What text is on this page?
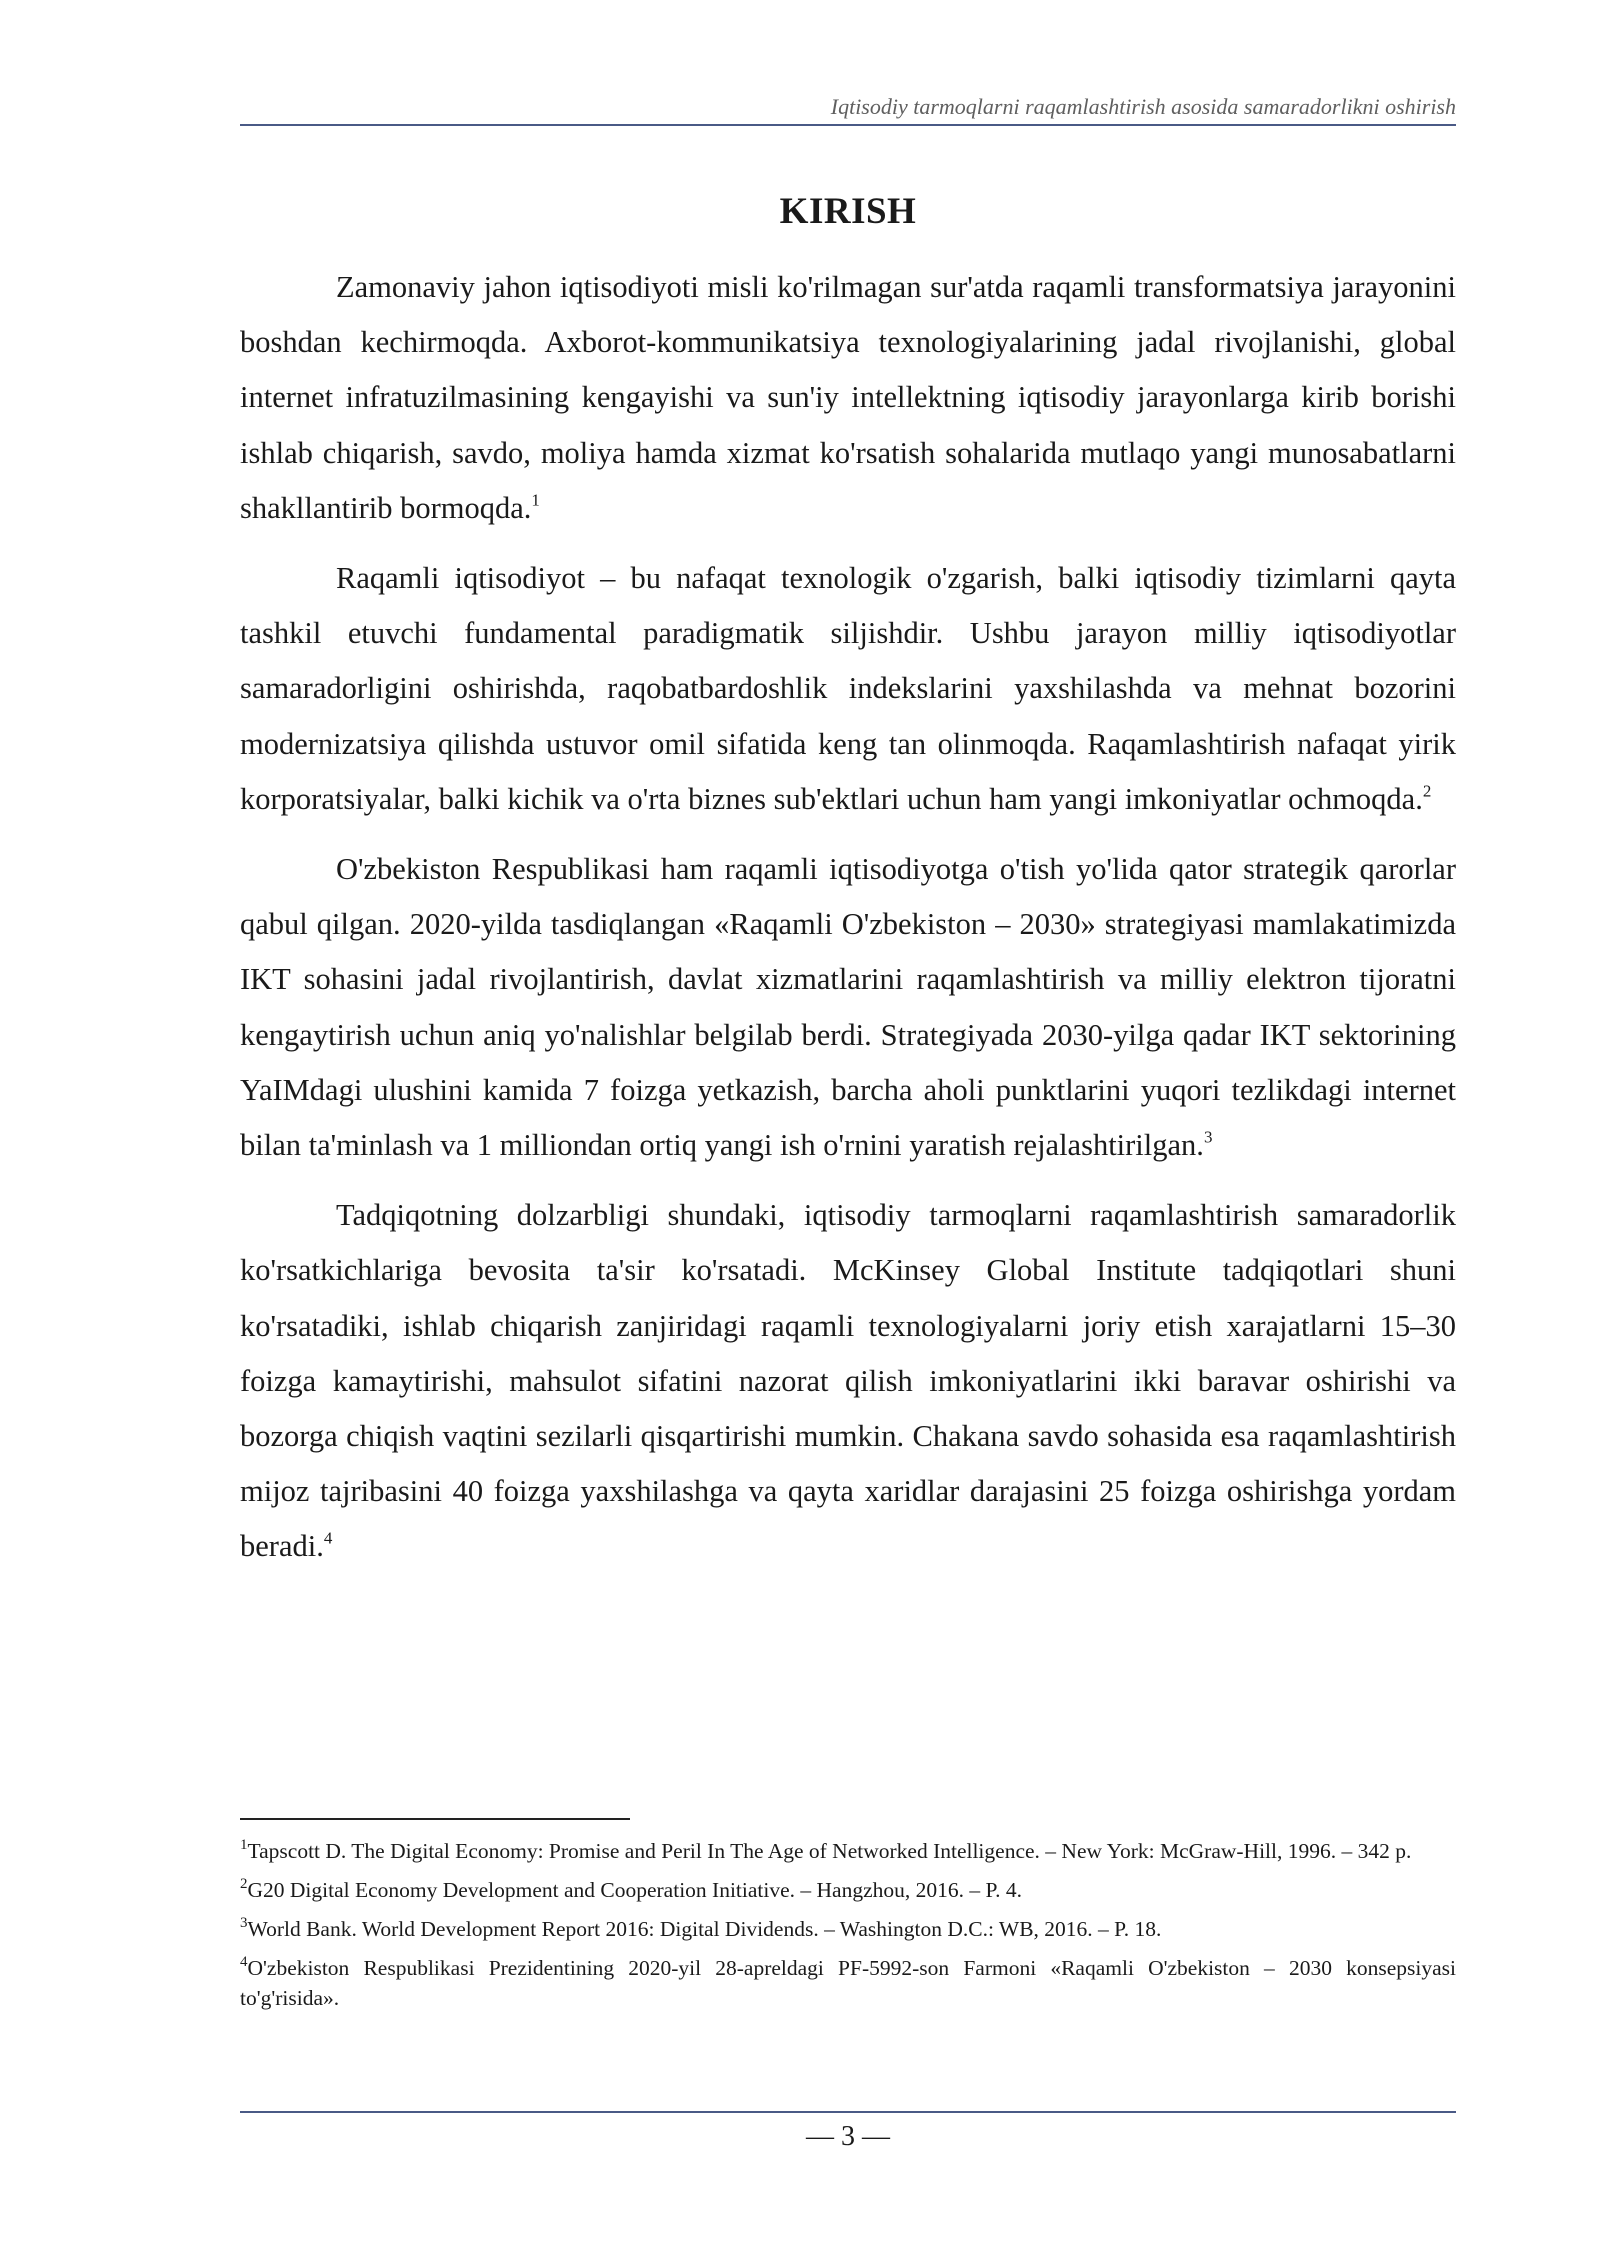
Iqtisodiy tarmoqlarni raqamlashtirish asosida samaradorlikni oshirish
KIRISH

Zamonaviy jahon iqtisodiyoti misli ko'rilmagan sur'atda raqamli transformatsiya jarayonini boshdan kechirmoqda. Axborot-kommunikatsiya texnologiyalarining jadal rivojlanishi, global internet infratuzilmasining kengayishi va sun'iy intellektning iqtisodiy jarayonlarga kirib borishi ishlab chiqarish, savdo, moliya hamda xizmat ko'rsatish sohalarida mutlaqo yangi munosabatlarni shakllantirib bormoqda.$^1$

Raqamli iqtisodiyot – bu nafaqat texnologik o'zgarish, balki iqtisodiy tizimlarni qayta tashkil etuvchi fundamental paradigmatik siljishdir. Ushbu jarayon milliy iqtisodiyotlar samaradorligini oshirishda, raqobatbardoshlik indekslarini yaxshilashda va mehnat bozorini modernizatsiya qilishda ustuvor omil sifatida keng tan olinmoqda. Raqamlashtirish nafaqat yirik korporatsiyalar, balki kichik va o'rta biznes sub'ektlari uchun ham yangi imkoniyatlar ochmoqda.$^2$

O'zbekiston Respublikasi ham raqamli iqtisodiyotga o'tish yo'lida qator strategik qarorlar qabul qilgan. 2020-yilda tasdiqlangan «Raqamli O'zbekiston – 2030» strategiyasi mamlakatimizda IKT sohasini jadal rivojlantirish, davlat xizmatlarini raqamlashtirish va milliy elektron tijoratni kengaytirish uchun aniq yo'nalishlar belgilab berdi. Strategiyada 2030-yilga qadar IKT sektorining YaIMdagi ulushini kamida 7 foizga yetkazish, barcha aholi punktlarini yuqori tezlikdagi internet bilan ta'minlash va 1 milliondan ortiq yangi ish o'rnini yaratish rejalashtirilgan.$^3$

Tadqiqotning dolzarbligi shundaki, iqtisodiy tarmoqlarni raqamlashtirish samaradorlik ko'rsatkichlariga bevosita ta'sir ko'rsatadi. McKinsey Global Institute tadqiqotlari shuni ko'rsatadiki, ishlab chiqarish zanjiridagi raqamli texnologiyalarni joriy etish xarajatlarni 15–30 foizga kamaytirishi, mahsulot sifatini nazorat qilish imkoniyatlarini ikki baravar oshirishi va bozorga chiqish vaqtini sezilarli qisqartirishi mumkin. Chakana savdo sohasida esa raqamlashtirish mijoz tajribasini 40 foizga yaxshilashga va qayta xaridlar darajasini 25 foizga oshirishga yordam beradi.$^4$

$^1$Tapscott D. The Digital Economy: Promise and Peril In The Age of Networked Intelligence. – New York: McGraw-Hill, 1996. – 342 p.

$^2$G20 Digital Economy Development and Cooperation Initiative. – Hangzhou, 2016. – P. 4.

$^3$World Bank. World Development Report 2016: Digital Dividends. – Washington D.C.: WB, 2016. – P. 18.

$^4$O'zbekiston Respublikasi Prezidentining 2020-yil 28-apreldagi PF-5992-son Farmoni «Raqamli O'zbekiston – 2030 konsepsiyasi to'g'risida».

— 3 —
